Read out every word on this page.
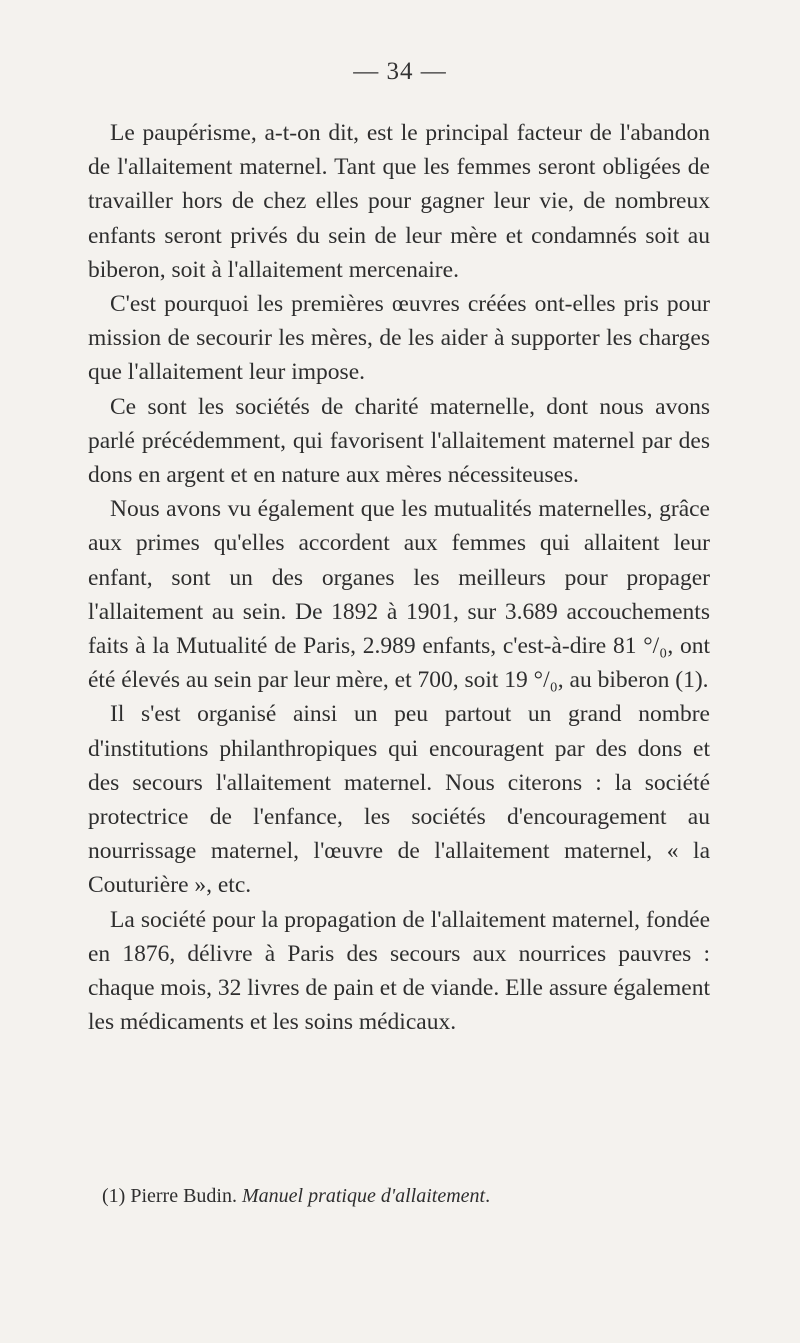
— 34 —

Le paupérisme, a-t-on dit, est le principal facteur de l'abandon de l'allaitement maternel. Tant que les femmes seront obligées de travailler hors de chez elles pour gagner leur vie, de nombreux enfants seront privés du sein de leur mère et condamnés soit au biberon, soit à l'allaitement mercenaire.

C'est pourquoi les premières œuvres créées ont-elles pris pour mission de secourir les mères, de les aider à supporter les charges que l'allaitement leur impose.

Ce sont les sociétés de charité maternelle, dont nous avons parlé précédemment, qui favorisent l'allaitement maternel par des dons en argent et en nature aux mères nécessiteuses.

Nous avons vu également que les mutualités maternelles, grâce aux primes qu'elles accordent aux femmes qui allaitent leur enfant, sont un des organes les meilleurs pour propager l'allaitement au sein. De 1892 à 1901, sur 3.689 accouchements faits à la Mutualité de Paris, 2.989 enfants, c'est-à-dire 81 °/₀, ont été élevés au sein par leur mère, et 700, soit 19 °/₀, au biberon (1).

Il s'est organisé ainsi un peu partout un grand nombre d'institutions philanthropiques qui encouragent par des dons et des secours l'allaitement maternel. Nous citerons : la société protectrice de l'enfance, les sociétés d'encouragement au nourrissage maternel, l'œuvre de l'allaitement maternel, « la Couturière », etc.

La société pour la propagation de l'allaitement maternel, fondée en 1876, délivre à Paris des secours aux nourrices pauvres : chaque mois, 32 livres de pain et de viande. Elle assure également les médicaments et les soins médicaux.

(1) Pierre Budin. Manuel pratique d'allaitement.
